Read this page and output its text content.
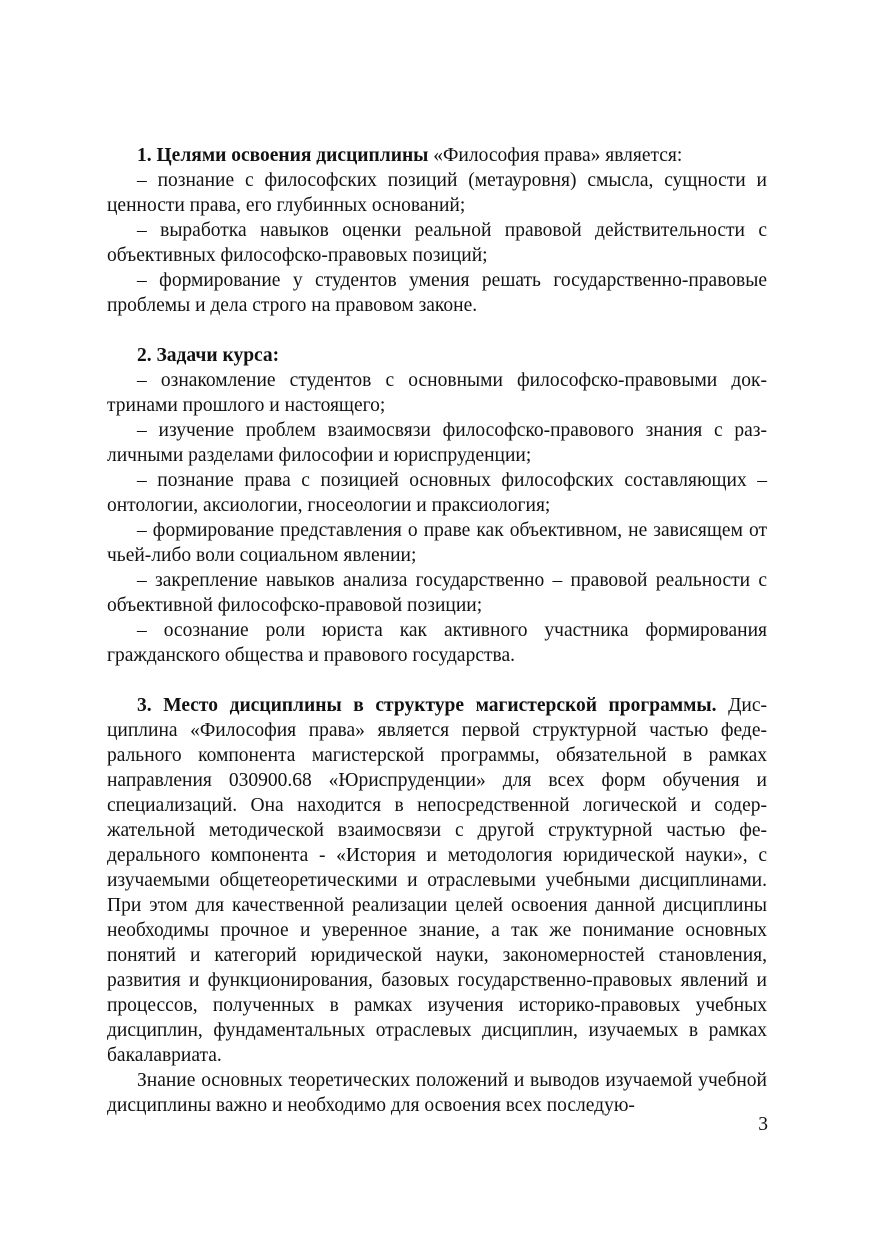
1. Целями освоения дисциплины «Философия права» является:

– познание с философских позиций (метауровня) смысла, сущности и ценности права, его глубинных оснований;

– выработка навыков оценки реальной правовой действительности с объективных философско-правовых позиций;

– формирование у студентов умения решать государственно-правовые проблемы и дела строго на правовом законе.

2. Задачи курса:

– ознакомление студентов с основными философско-правовыми доктринами прошлого и настоящего;

– изучение проблем взаимосвязи философско-правового знания с различными разделами философии и юриспруденции;

– познание права с позицией основных философских составляющих – онтологии, аксиологии, гносеологии и праксиология;

– формирование представления о праве как объективном, не зависящем от чьей-либо воли социальном явлении;

– закрепление навыков анализа государственно – правовой реальности с объективной философско-правовой позиции;

– осознание роли юриста как активного участника формирования гражданского общества и правового государства.

3. Место дисциплины в структуре магистерской программы. Дисциплина «Философия права» является первой структурной частью федерального компонента магистерской программы, обязательной в рамках направления 030900.68 «Юриспруденции» для всех форм обучения и специализаций. Она находится в непосредственной логической и содержательной методической взаимосвязи с другой структурной частью федерального компонента - «История и методология юридической науки», с изучаемыми общетеоретическими и отраслевыми учебными дисциплинами. При этом для качественной реализации целей освоения данной дисциплины необходимы прочное и уверенное знание, а так же понимание основных понятий и категорий юридической науки, закономерностей становления, развития и функционирования, базовых государственно-правовых явлений и процессов, полученных в рамках изучения историко-правовых учебных дисциплин, фундаментальных отраслевых дисциплин, изучаемых в рамках бакалавриата.

Знание основных теоретических положений и выводов изучаемой учебной дисциплины важно и необходимо для освоения всех последую-

3
